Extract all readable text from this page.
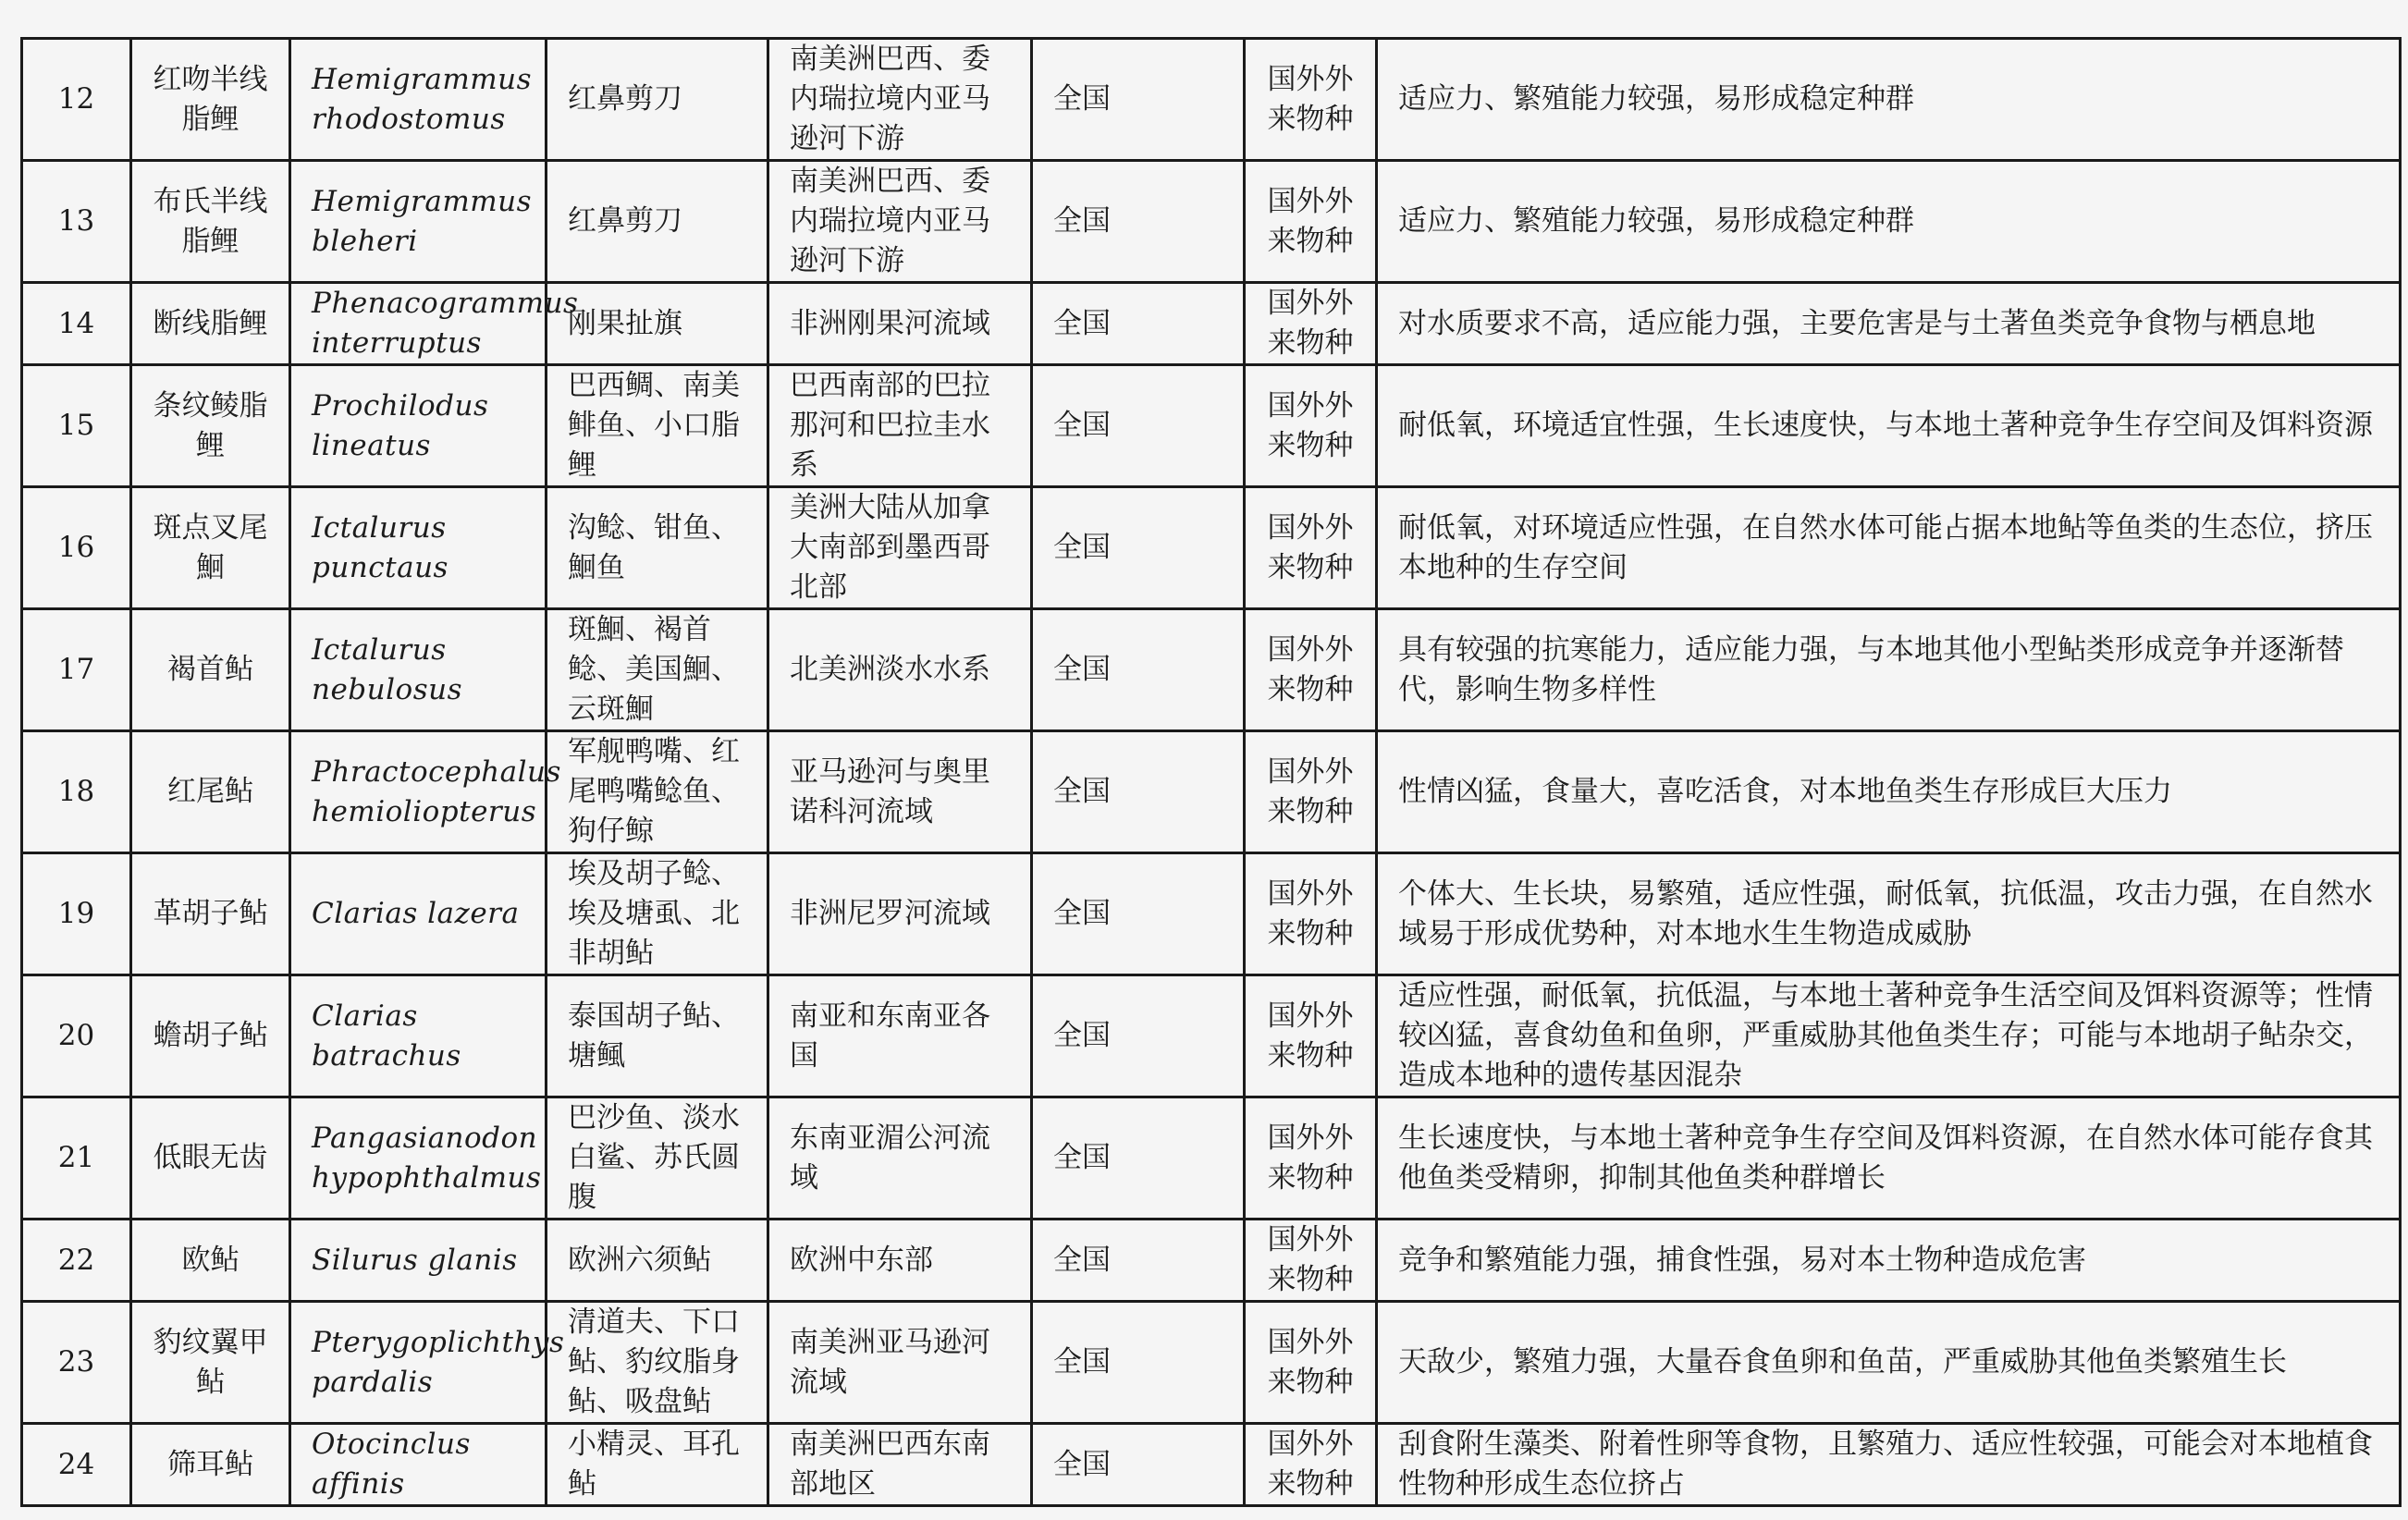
12	红吻半线脂鲤	Hemigrammus rhodostomus	红鼻剪刀	南美洲巴西、委内瑞拉境内亚马逊河下游	全国	国外外来物种	适应力、繁殖能力较强，易形成稳定种群
13	布氏半线脂鲤	Hemigrammus bleheri	红鼻剪刀	南美洲巴西、委内瑞拉境内亚马逊河下游	全国	国外外来物种	适应力、繁殖能力较强，易形成稳定种群
14	断线脂鲤	Phenacogrammus interruptus	刚果扯旗	非洲刚果河流域	全国	国外外来物种	对水质要求不高，适应能力强，主要危害是与土著鱼类竞争食物与栖息地
15	条纹鲮脂鲤	Prochilodus lineatus	巴西鲷、南美鲱鱼、小口脂鲤	巴西南部的巴拉那河和巴拉圭水系	全国	国外外来物种	耐低氧，环境适宜性强，生长速度快，与本地土著种竞争生存空间及饵料资源
16	斑点叉尾鮰	Ictalurus punctaus	沟鲶、钳鱼、鮰鱼	美洲大陆从加拿大南部到墨西哥北部	全国	国外外来物种	耐低氧，对环境适应性强，在自然水体可能占据本地鲇等鱼类的生态位，挤压本地种的生存空间
17	褐首鲇	Ictalurus nebulosus	斑鮰、褐首鲶、美国鮰、云斑鮰	北美洲淡水水系	全国	国外外来物种	具有较强的抗寒能力，适应能力强，与本地其他小型鲇类形成竞争并逐渐替代，影响生物多样性
18	红尾鲇	Phractocephalus hemioliopterus	军舰鸭嘴、红尾鸭嘴鲶鱼、狗仔鲸	亚马逊河与奥里诺科河流域	全国	国外外来物种	性情凶猛，食量大，喜吃活食，对本地鱼类生存形成巨大压力
19	革胡子鲇	Clarias lazera	埃及胡子鲶、埃及塘虱、北非胡鲇	非洲尼罗河流域	全国	国外外来物种	个体大、生长块，易繁殖，适应性强，耐低氧，抗低温，攻击力强，在自然水域易于形成优势种，对本地水生生物造成威胁
20	蟾胡子鲇	Clarias batrachus	泰国胡子鲇、塘鲺	南亚和东南亚各国	全国	国外外来物种	适应性强，耐低氧，抗低温，与本地土著种竞争生活空间及饵料资源等；性情较凶猛，喜食幼鱼和鱼卵，严重威胁其他鱼类生存；可能与本地胡子鲇杂交，造成本地种的遗传基因混杂
21	低眼无齿	Pangasianodon hypophthalmus	巴沙鱼、淡水白鲨、苏氏圆腹	东南亚湄公河流域	全国	国外外来物种	生长速度快，与本地土著种竞争生存空间及饵料资源，在自然水体可能存食其他鱼类受精卵，抑制其他鱼类种群增长
22	欧鲇	Silurus glanis	欧洲六须鲇	欧洲中东部	全国	国外外来物种	竞争和繁殖能力强，捕食性强，易对本土物种造成危害
23	豹纹翼甲鲇	Pterygoplichthys pardalis	清道夫、下口鲇、豹纹脂身鲇、吸盘鲇	南美洲亚马逊河流域	全国	国外外来物种	天敌少，繁殖力强，大量吞食鱼卵和鱼苗，严重威胁其他鱼类繁殖生长
24	筛耳鲇	Otocinclus affinis	小精灵、耳孔鲇	南美洲巴西东南部地区	全国	国外外来物种	刮食附生藻类、附着性卵等食物，且繁殖力、适应性较强，可能会对本地植食性物种形成生态位挤占
